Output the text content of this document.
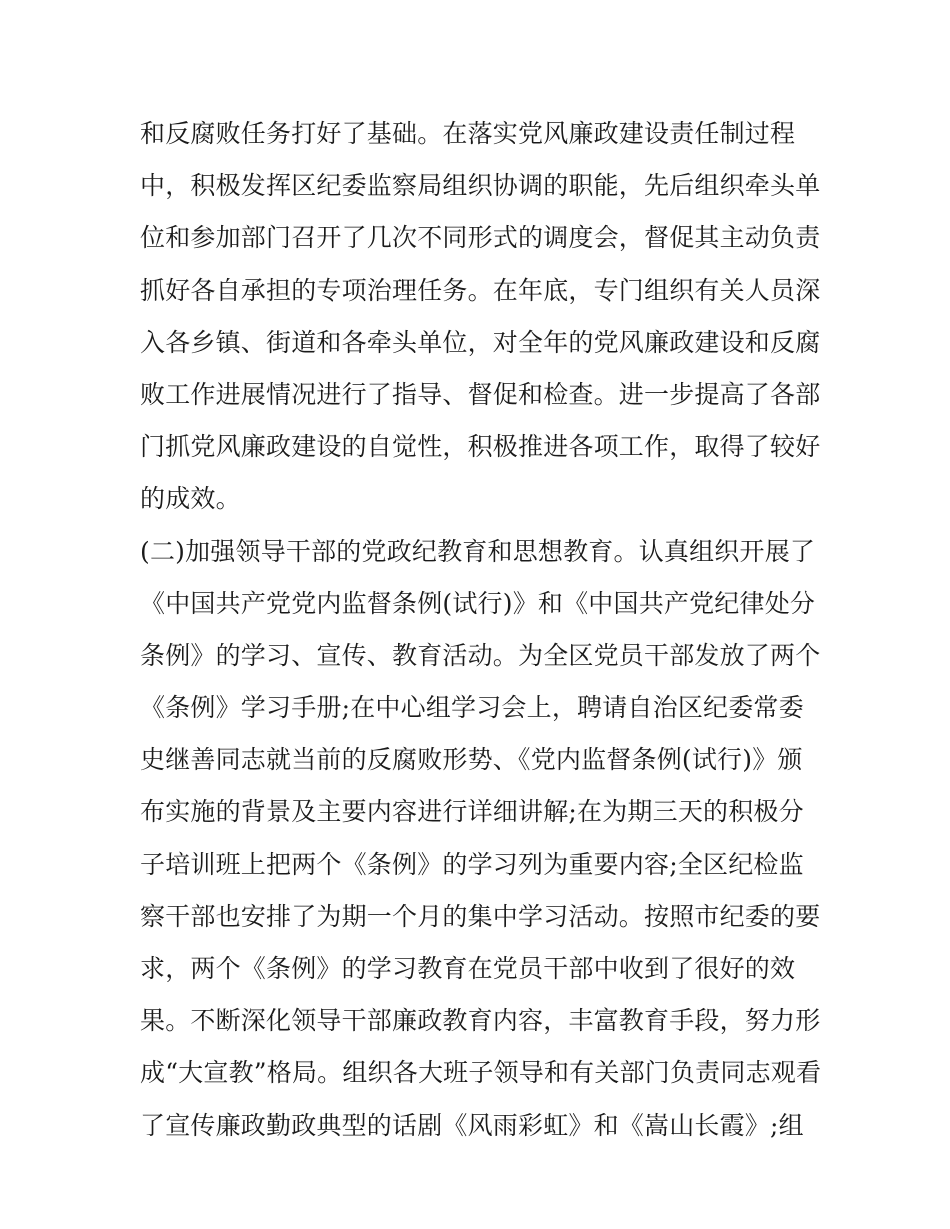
和反腐败任务打好了基础。在落实党风廉政建设责任制过程
中，积极发挥区纪委监察局组织协调的职能，先后组织牵头单
位和参加部门召开了几次不同形式的调度会，督促其主动负责
抓好各自承担的专项治理任务。在年底，专门组织有关人员深
入各乡镇、街道和各牵头单位，对全年的党风廉政建设和反腐
败工作进展情况进行了指导、督促和检查。进一步提高了各部
门抓党风廉政建设的自觉性，积极推进各项工作，取得了较好
的成效。
(二)加强领导干部的党政纪教育和思想教育。认真组织开展了
《中国共产党党内监督条例(试行)》和《中国共产党纪律处分
条例》的学习、宣传、教育活动。为全区党员干部发放了两个
《条例》学习手册;在中心组学习会上，聘请自治区纪委常委
史继善同志就当前的反腐败形势、《党内监督条例(试行)》颁
布实施的背景及主要内容进行详细讲解;在为期三天的积极分
子培训班上把两个《条例》的学习列为重要内容;全区纪检监
察干部也安排了为期一个月的集中学习活动。按照市纪委的要
求，两个《条例》的学习教育在党员干部中收到了很好的效
果。不断深化领导干部廉政教育内容，丰富教育手段，努力形
成“大宣教”格局。组织各大班子领导和有关部门负责同志观看
了宣传廉政勤政典型的话剧《风雨彩虹》和《嵩山长霞》;组
